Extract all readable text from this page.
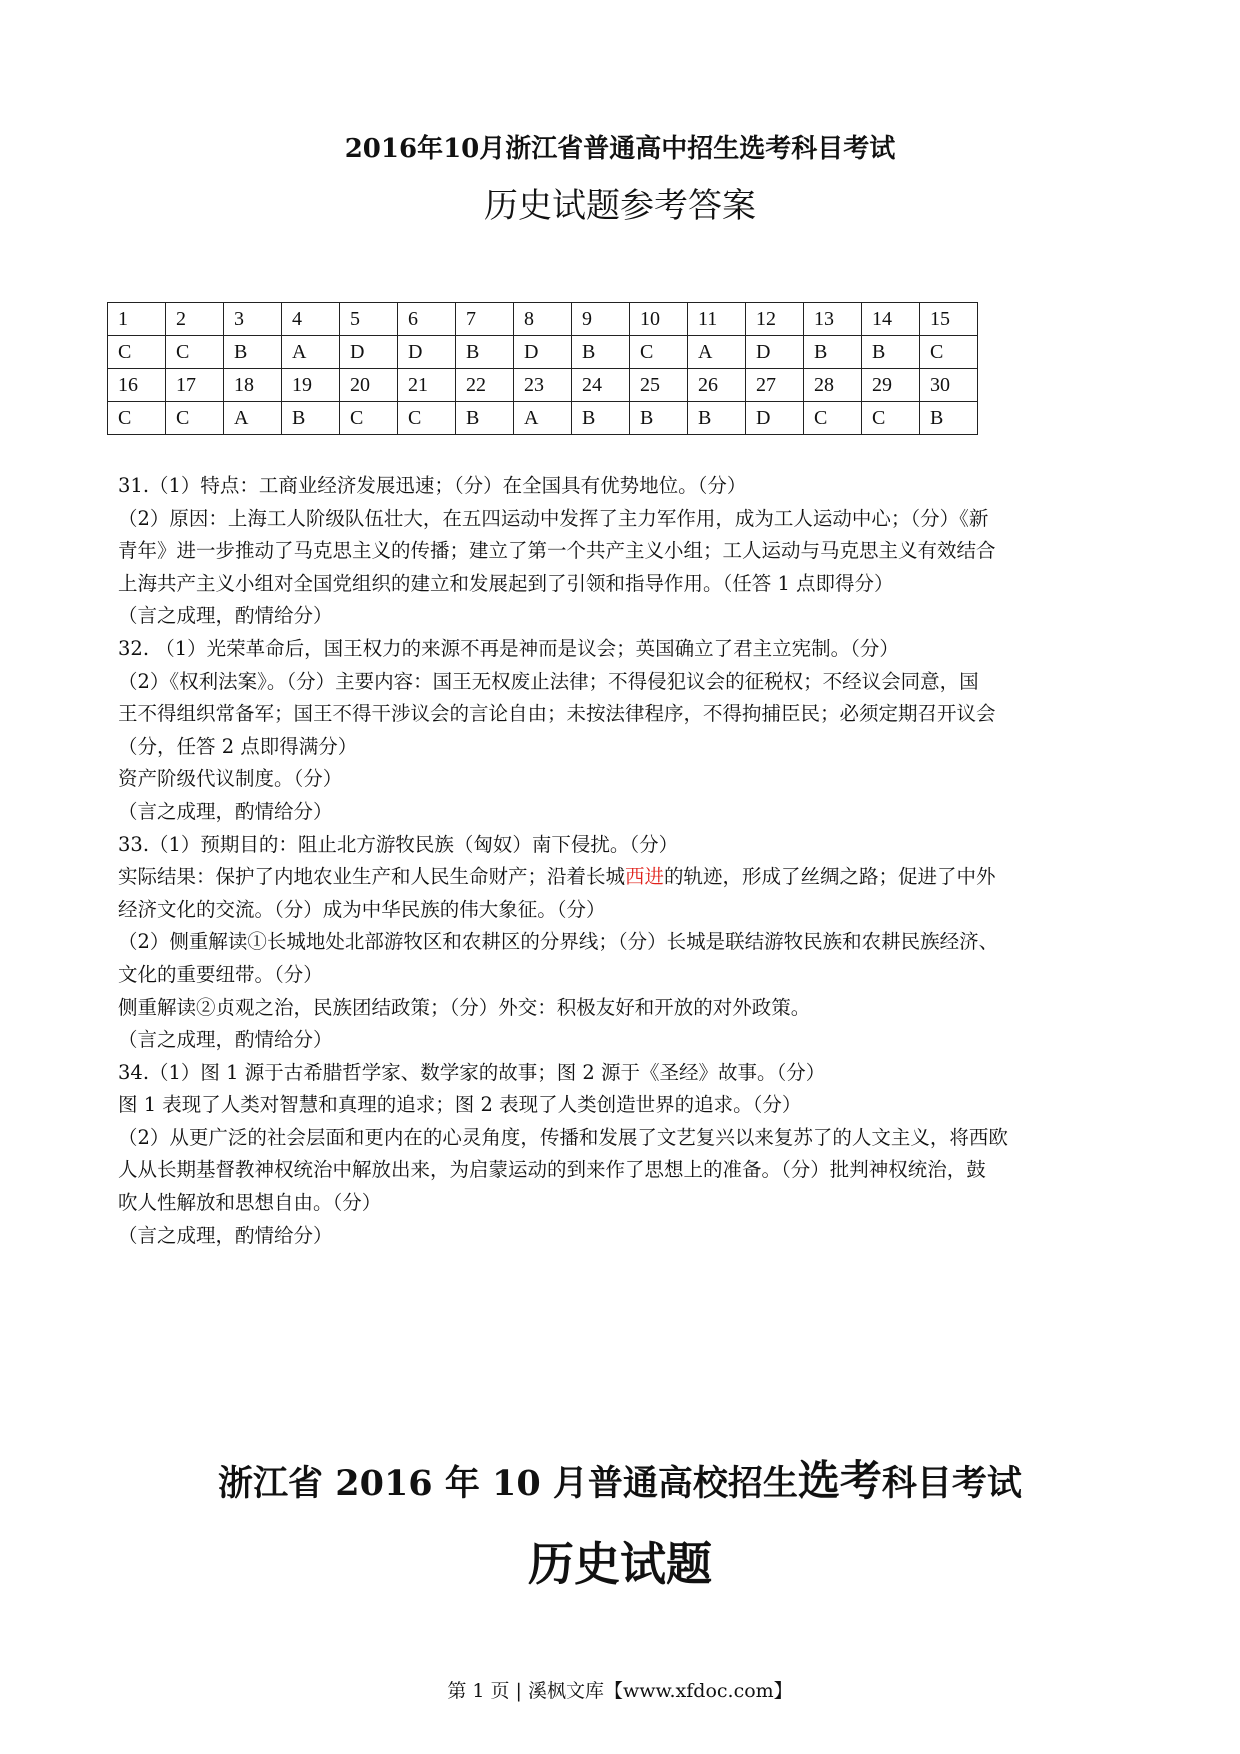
2016年10月浙江省普通高中招生选考科目考试
历史试题参考答案
1	2	3	4	5	6	7	8	9	10	11	12	13	14	15
C	C	B	A	D	D	B	D	B	C	A	D	B	B	C
16	17	18	19	20	21	22	23	24	25	26	27	28	29	30
C	C	A	B	C	C	B	A	B	B	B	D	C	C	B

31.（1）特点：工商业经济发展迅速；（分）在全国具有优势地位。（分）

（2）原因：上海工人阶级队伍壮大，在五四运动中发挥了主力军作用，成为工人运动中心；（分）《新

青年》进一步推动了马克思主义的传播；建立了第一个共产主义小组；工人运动与马克思主义有效结合

上海共产主义小组对全国党组织的建立和发展起到了引领和指导作用。（任答 1 点即得分）

（言之成理，酌情给分）

32. （1）光荣革命后，国王权力的来源不再是神而是议会；英国确立了君主立宪制。（分）

（2）《权利法案》。（分）主要内容：国王无权废止法律；不得侵犯议会的征税权；不经议会同意，国

王不得组织常备军；国王不得干涉议会的言论自由；未按法律程序，不得拘捕臣民；必须定期召开议会

（分，任答 2 点即得满分）

资产阶级代议制度。（分）

（言之成理，酌情给分）

33.（1）预期目的：阻止北方游牧民族（匈奴）南下侵扰。（分）

实际结果：保护了内地农业生产和人民生命财产；沿着长城西进的轨迹，形成了丝绸之路；促进了中外

经济文化的交流。（分）成为中华民族的伟大象征。（分）

（2）侧重解读①长城地处北部游牧区和农耕区的分界线；（分）长城是联结游牧民族和农耕民族经济、

文化的重要纽带。（分）

侧重解读②贞观之治，民族团结政策；（分）外交：积极友好和开放的对外政策。

（言之成理，酌情给分）

34.（1）图 1 源于古希腊哲学家、数学家的故事；图 2 源于《圣经》故事。（分）

图 1 表现了人类对智慧和真理的追求；图 2 表现了人类创造世界的追求。（分）

（2）从更广泛的社会层面和更内在的心灵角度，传播和发展了文艺复兴以来复苏了的人文主义，将西欧

人从长期基督教神权统治中解放出来，为启蒙运动的到来作了思想上的准备。（分）批判神权统治，鼓

吹人性解放和思想自由。（分）

（言之成理，酌情给分）

浙江省 2016 年 10 月普通高校招生选考科目考试
历史试题
第 1 页 | 溪枫文库【www.xfdoc.com】
